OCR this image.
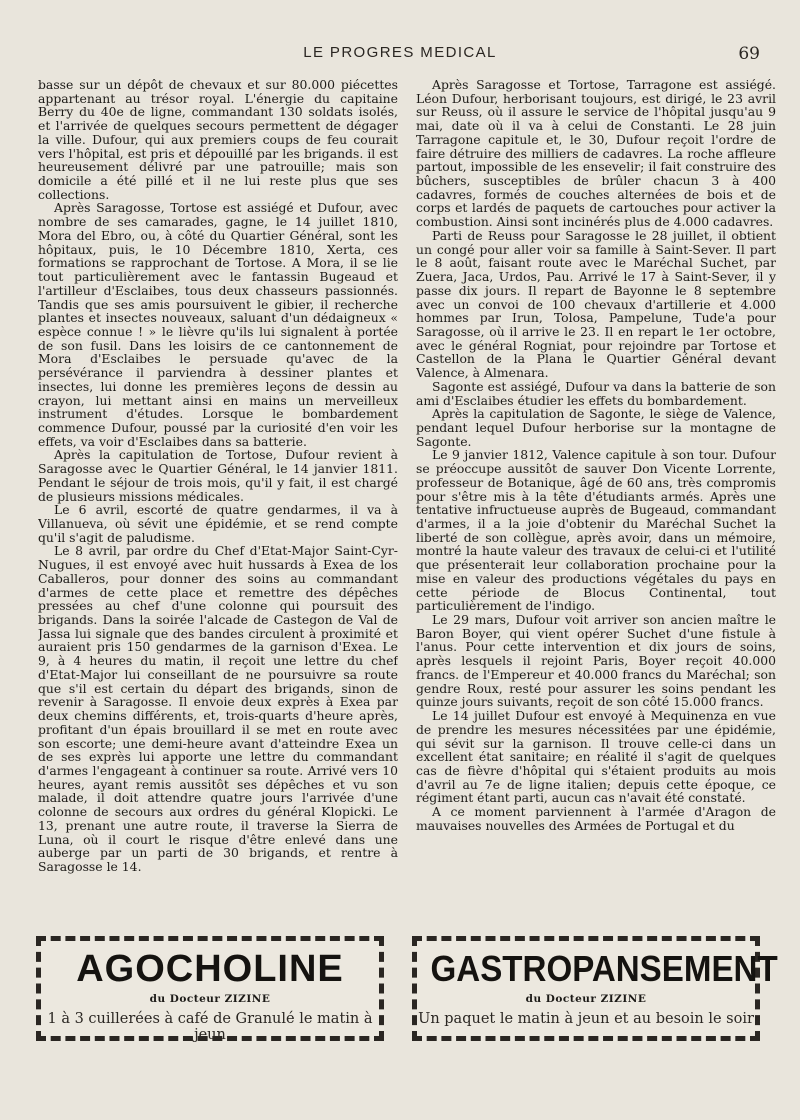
LE PROGRES MEDICAL	69

basse sur un dépôt de chevaux et sur 80.000 piécettes appartenant au trésor royal. L'énergie du capitaine Berry du 40e de ligne, commandant 130 soldats isolés, et l'arrivée de quelques secours permettent de dégager la ville. Dufour, qui aux premiers coups de feu courait vers l'hôpital, est pris et dépouillé par les brigands. il est heureusement délivré par une patrouille; mais son domicile a été pillé et il ne lui reste plus que ses collections.

Après Saragosse, Tortose est assiégé et Dufour, avec nombre de ses camarades, gagne, le 14 juillet 1810, Mora del Ebro, ou, à côté du Quartier Général, sont les hôpitaux, puis, le 10 Décembre 1810, Xerta, ces formations se rapprochant de Tortose. A Mora, il se lie tout particulièrement avec le fantassin Bugeaud et l'artilleur d'Esclaibes, tous deux chasseurs passionnés. Tandis que ses amis poursuivent le gibier, il recherche plantes et insectes nouveaux, saluant d'un dédaigneux « espèce connue ! » le lièvre qu'ils lui signalent à portée de son fusil. Dans les loisirs de ce cantonnement de Mora d'Esclaibes le persuade qu'avec de la persévérance il parviendra à dessiner plantes et insectes, lui donne les premières leçons de dessin au crayon, lui mettant ainsi en mains un merveilleux instrument d'études. Lorsque le bombardement commence Dufour, poussé par la curiosité d'en voir les effets, va voir d'Esclaibes dans sa batterie.

Après la capitulation de Tortose, Dufour revient à Saragosse avec le Quartier Général, le 14 janvier 1811. Pendant le séjour de trois mois, qu'il y fait, il est chargé de plusieurs missions médicales.

Le 6 avril, escorté de quatre gendarmes, il va à Villanueva, où sévit une épidémie, et se rend compte qu'il s'agit de paludisme.

Le 8 avril, par ordre du Chef d'Etat-Major Saint-Cyr-Nugues, il est envoyé avec huit hussards à Exea de los Caballeros, pour donner des soins au commandant d'armes de cette place et remettre des dépêches pressées au chef d'une colonne qui poursuit des brigands. Dans la soirée l'alcade de Castegon de Val de Jassa lui signale que des bandes circulent à proximité et auraient pris 150 gendarmes de la garnison d'Exea. Le 9, à 4 heures du matin, il reçoit une lettre du chef d'Etat-Major lui conseillant de ne poursuivre sa route que s'il est certain du départ des brigands, sinon de revenir à Saragosse. Il envoie deux exprès à Exea par deux chemins différents, et, trois-quarts d'heure après, profitant d'un épais brouillard il se met en route avec son escorte; une demi-heure avant d'atteindre Exea un de ses exprès lui apporte une lettre du commandant d'armes l'engageant à continuer sa route. Arrivé vers 10 heures, ayant remis aussitôt ses dépêches et vu son malade, il doit attendre quatre jours l'arrivée d'une colonne de secours aux ordres du général Klopicki. Le 13, prenant une autre route, il traverse la Sierra de Luna, où il court le risque d'être enlevé dans une auberge par un parti de 30 brigands, et rentre à Saragosse le 14.

Après Saragosse et Tortose, Tarragone est assiégé. Léon Dufour, herborisant toujours, est dirigé, le 23 avril sur Reuss, où il assure le service de l'hôpital jusqu'au 9 mai, date où il va à celui de Constanti. Le 28 juin Tarragone capitule et, le 30, Dufour reçoit l'ordre de faire détruire des milliers de cadavres. La roche affleure partout, impossible de les ensevelir; il fait construire des bûchers, susceptibles de brûler chacun 3 à 400 cadavres, formés de couches alternées de bois et de corps et lardés de paquets de cartouches pour activer la combustion. Ainsi sont incinérés plus de 4.000 cadavres.

Parti de Reuss pour Saragosse le 28 juillet, il obtient un congé pour aller voir sa famille à Saint-Sever. Il part le 8 août, faisant route avec le Maréchal Suchet, par Zuera, Jaca, Urdos, Pau. Arrivé le 17 à Saint-Sever, il y passe dix jours. Il repart de Bayonne le 8 septembre avec un convoi de 100 chevaux d'artillerie et 4.000 hommes par Irun, Tolosa, Pampelune, Tude'a pour Saragosse, où il arrive le 23. Il en repart le 1er octobre, avec le général Rogniat, pour rejoindre par Tortose et Castellon de la Plana le Quartier Général devant Valence, à Almenara.

Sagonte est assiégé, Dufour va dans la batterie de son ami d'Esclaibes étudier les effets du bombardement.

Après la capitulation de Sagonte, le siège de Valence, pendant lequel Dufour herborise sur la montagne de Sagonte.

Le 9 janvier 1812, Valence capitule à son tour. Dufour se préoccupe aussitôt de sauver Don Vicente Lorrente, professeur de Botanique, âgé de 60 ans, très compromis pour s'être mis à la tête d'étudiants armés. Après une tentative infructueuse auprès de Bugeaud, commandant d'armes, il a la joie d'obtenir du Maréchal Suchet la liberté de son collègue, après avoir, dans un mémoire, montré la haute valeur des travaux de celui-ci et l'utilité que présenterait leur collaboration prochaine pour la mise en valeur des productions végétales du pays en cette période de Blocus Continental, tout particulièrement de l'indigo.

Le 29 mars, Dufour voit arriver son ancien maître le Baron Boyer, qui vient opérer Suchet d'une fistule à l'anus. Pour cette intervention et dix jours de soins, après lesquels il rejoint Paris, Boyer reçoit 40.000 francs. de l'Empereur et 40.000 francs du Maréchal; son gendre Roux, resté pour assurer les soins pendant les quinze jours suivants, reçoit de son côté 15.000 francs.

Le 14 juillet Dufour est envoyé à Mequinenza en vue de prendre les mesures nécessitées par une épidémie, qui sévit sur la garnison. Il trouve celle-ci dans un excellent état sanitaire; en réalité il s'agit de quelques cas de fièvre d'hôpital qui s'étaient produits au mois d'avril au 7e de ligne italien; depuis cette époque, ce régiment étant parti, aucun cas n'avait été constaté.

A ce moment parviennent à l'armée d'Aragon de mauvaises nouvelles des Armées de Portugal et du

AGOCHOLINE
du Docteur ZIZINE
1 à 3 cuillerées à café de Granulé le matin à jeun
GASTROPANSEMENT
du Docteur ZIZINE
Un paquet le matin à jeun et au besoin le soir
